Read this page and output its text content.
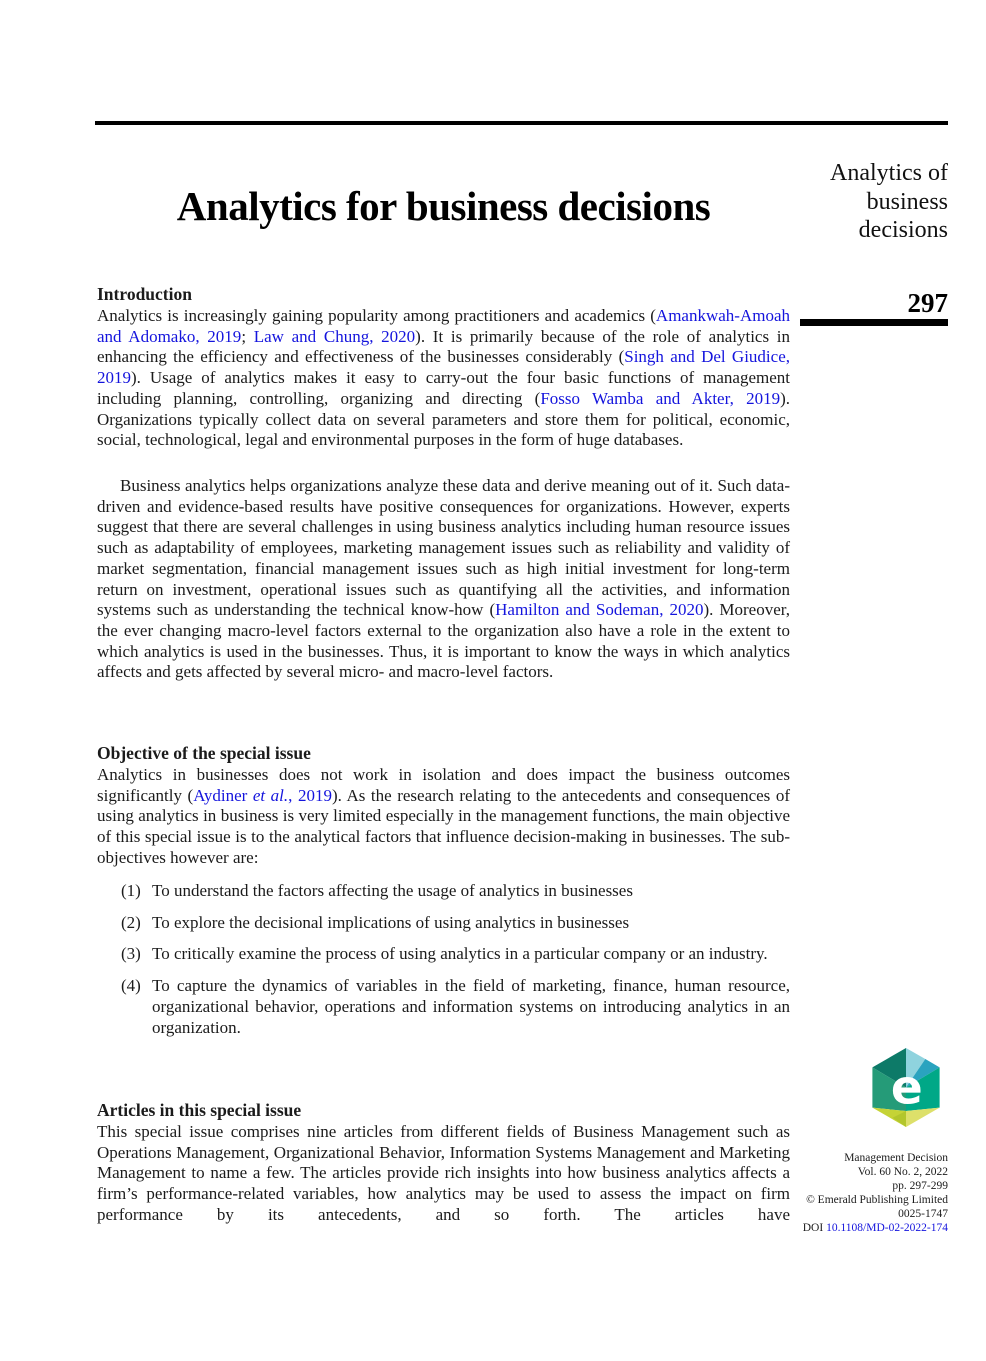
Analytics for business decisions
Analytics of
business
decisions
297
Introduction
Analytics is increasingly gaining popularity among practitioners and academics (Amankwah-Amoah and Adomako, 2019; Law and Chung, 2020). It is primarily because of the role of analytics in enhancing the efficiency and effectiveness of the businesses considerably (Singh and Del Giudice, 2019). Usage of analytics makes it easy to carry-out the four basic functions of management including planning, controlling, organizing and directing (Fosso Wamba and Akter, 2019). Organizations typically collect data on several parameters and store them for political, economic, social, technological, legal and environmental purposes in the form of huge databases.
Business analytics helps organizations analyze these data and derive meaning out of it. Such data-driven and evidence-based results have positive consequences for organizations. However, experts suggest that there are several challenges in using business analytics including human resource issues such as adaptability of employees, marketing management issues such as reliability and validity of market segmentation, financial management issues such as high initial investment for long-term return on investment, operational issues such as quantifying all the activities, and information systems such as understanding the technical know-how (Hamilton and Sodeman, 2020). Moreover, the ever changing macro-level factors external to the organization also have a role in the extent to which analytics is used in the businesses. Thus, it is important to know the ways in which analytics affects and gets affected by several micro- and macro-level factors.
Objective of the special issue
Analytics in businesses does not work in isolation and does impact the business outcomes significantly (Aydiner et al., 2019). As the research relating to the antecedents and consequences of using analytics in business is very limited especially in the management functions, the main objective of this special issue is to the analytical factors that influence decision-making in businesses. The sub-objectives however are:
(1) To understand the factors affecting the usage of analytics in businesses
(2) To explore the decisional implications of using analytics in businesses
(3) To critically examine the process of using analytics in a particular company or an industry.
(4) To capture the dynamics of variables in the field of marketing, finance, human resource, organizational behavior, operations and information systems on introducing analytics in an organization.
Articles in this special issue
This special issue comprises nine articles from different fields of Business Management such as Operations Management, Organizational Behavior, Information Systems Management and Marketing Management to name a few. The articles provide rich insights into how business analytics affects a firm’s performance-related variables, how analytics may be used to assess the impact on firm performance by its antecedents, and so forth. The articles have
e
Management Decision
Vol. 60 No. 2, 2022
pp. 297-299
© Emerald Publishing Limited
0025-1747
DOI 10.1108/MD-02-2022-174
